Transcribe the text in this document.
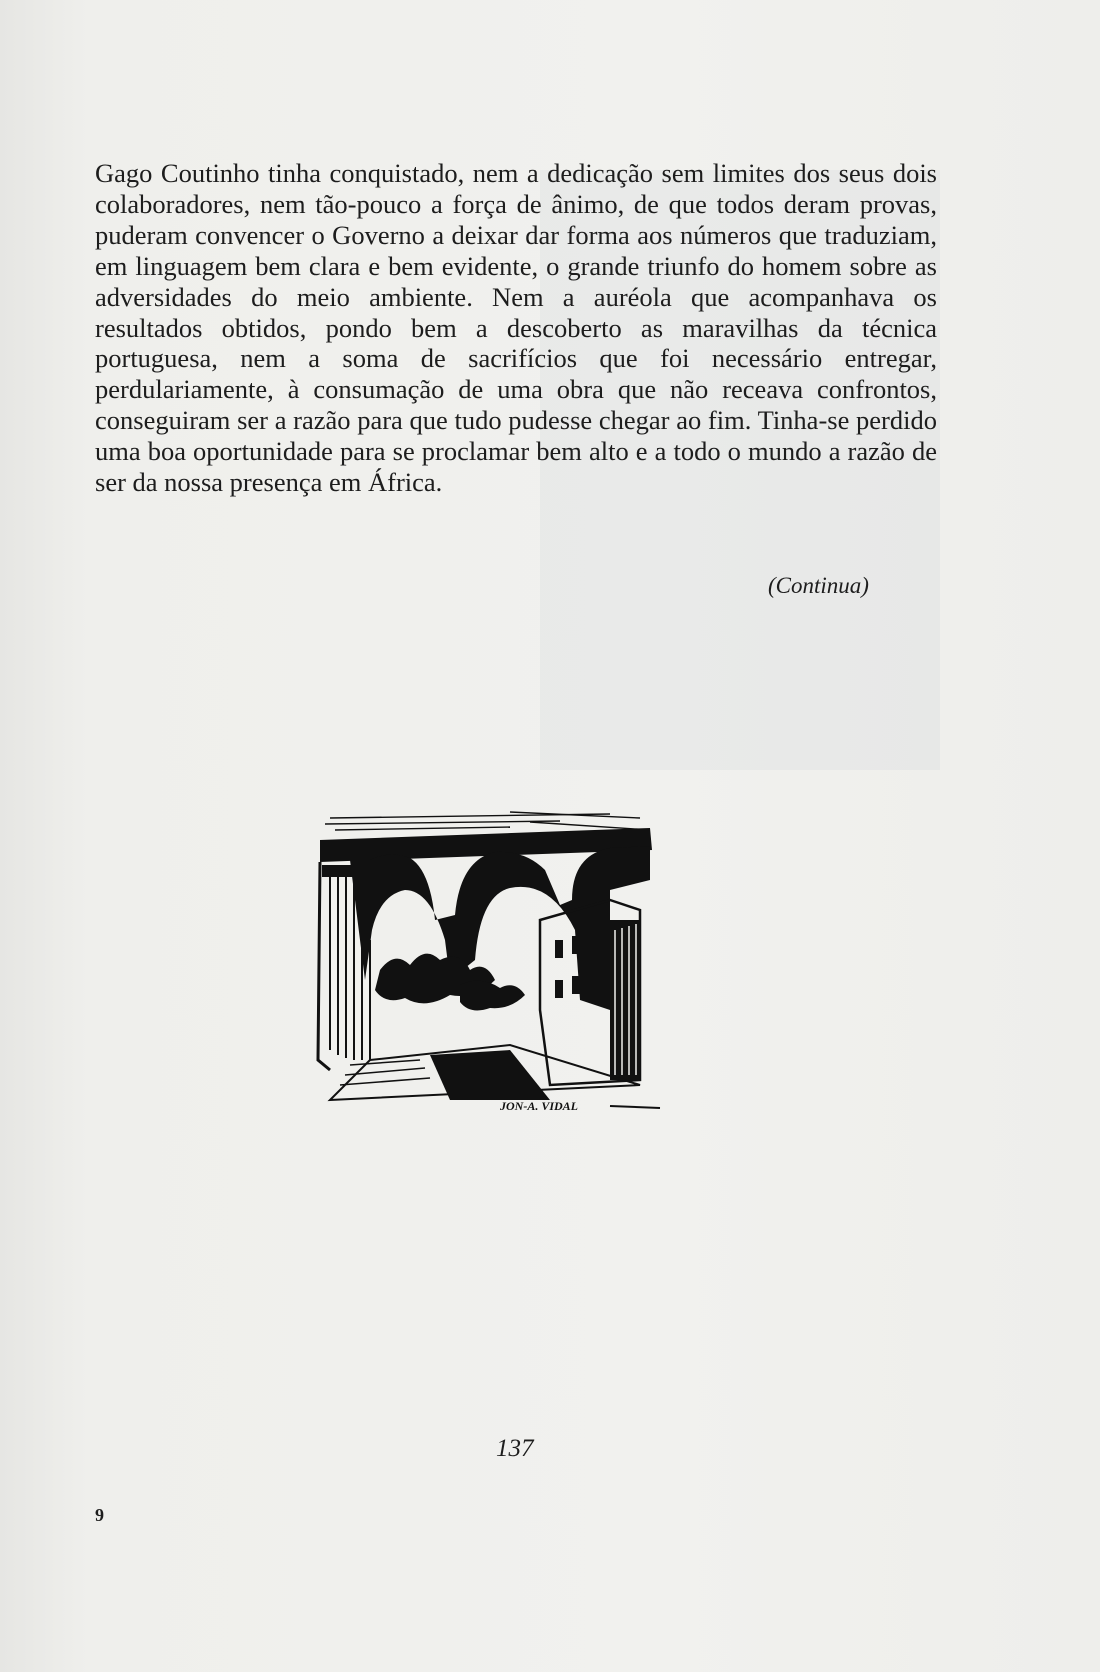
Gago Coutinho tinha conquistado, nem a dedicação sem limites dos seus dois colaboradores, nem tão-pouco a força de ânimo, de que todos deram provas, puderam convencer o Governo a deixar dar forma aos números que traduziam, em linguagem bem clara e bem evidente, o grande triunfo do homem sobre as adversidades do meio ambiente. Nem a auréola que acompanhava os resultados obtidos, pondo bem a descoberto as maravilhas da técnica portuguesa, nem a soma de sacrifícios que foi necessário entregar, perdulariamente, à consumação de uma obra que não receava confrontos, conseguiram ser a razão para que tudo pudesse chegar ao fim. Tinha-se perdido uma boa oportunidade para se proclamar bem alto e a todo o mundo a razão de ser da nossa presença em África.

(Continua)

JON-A. VIDAL

137

9
